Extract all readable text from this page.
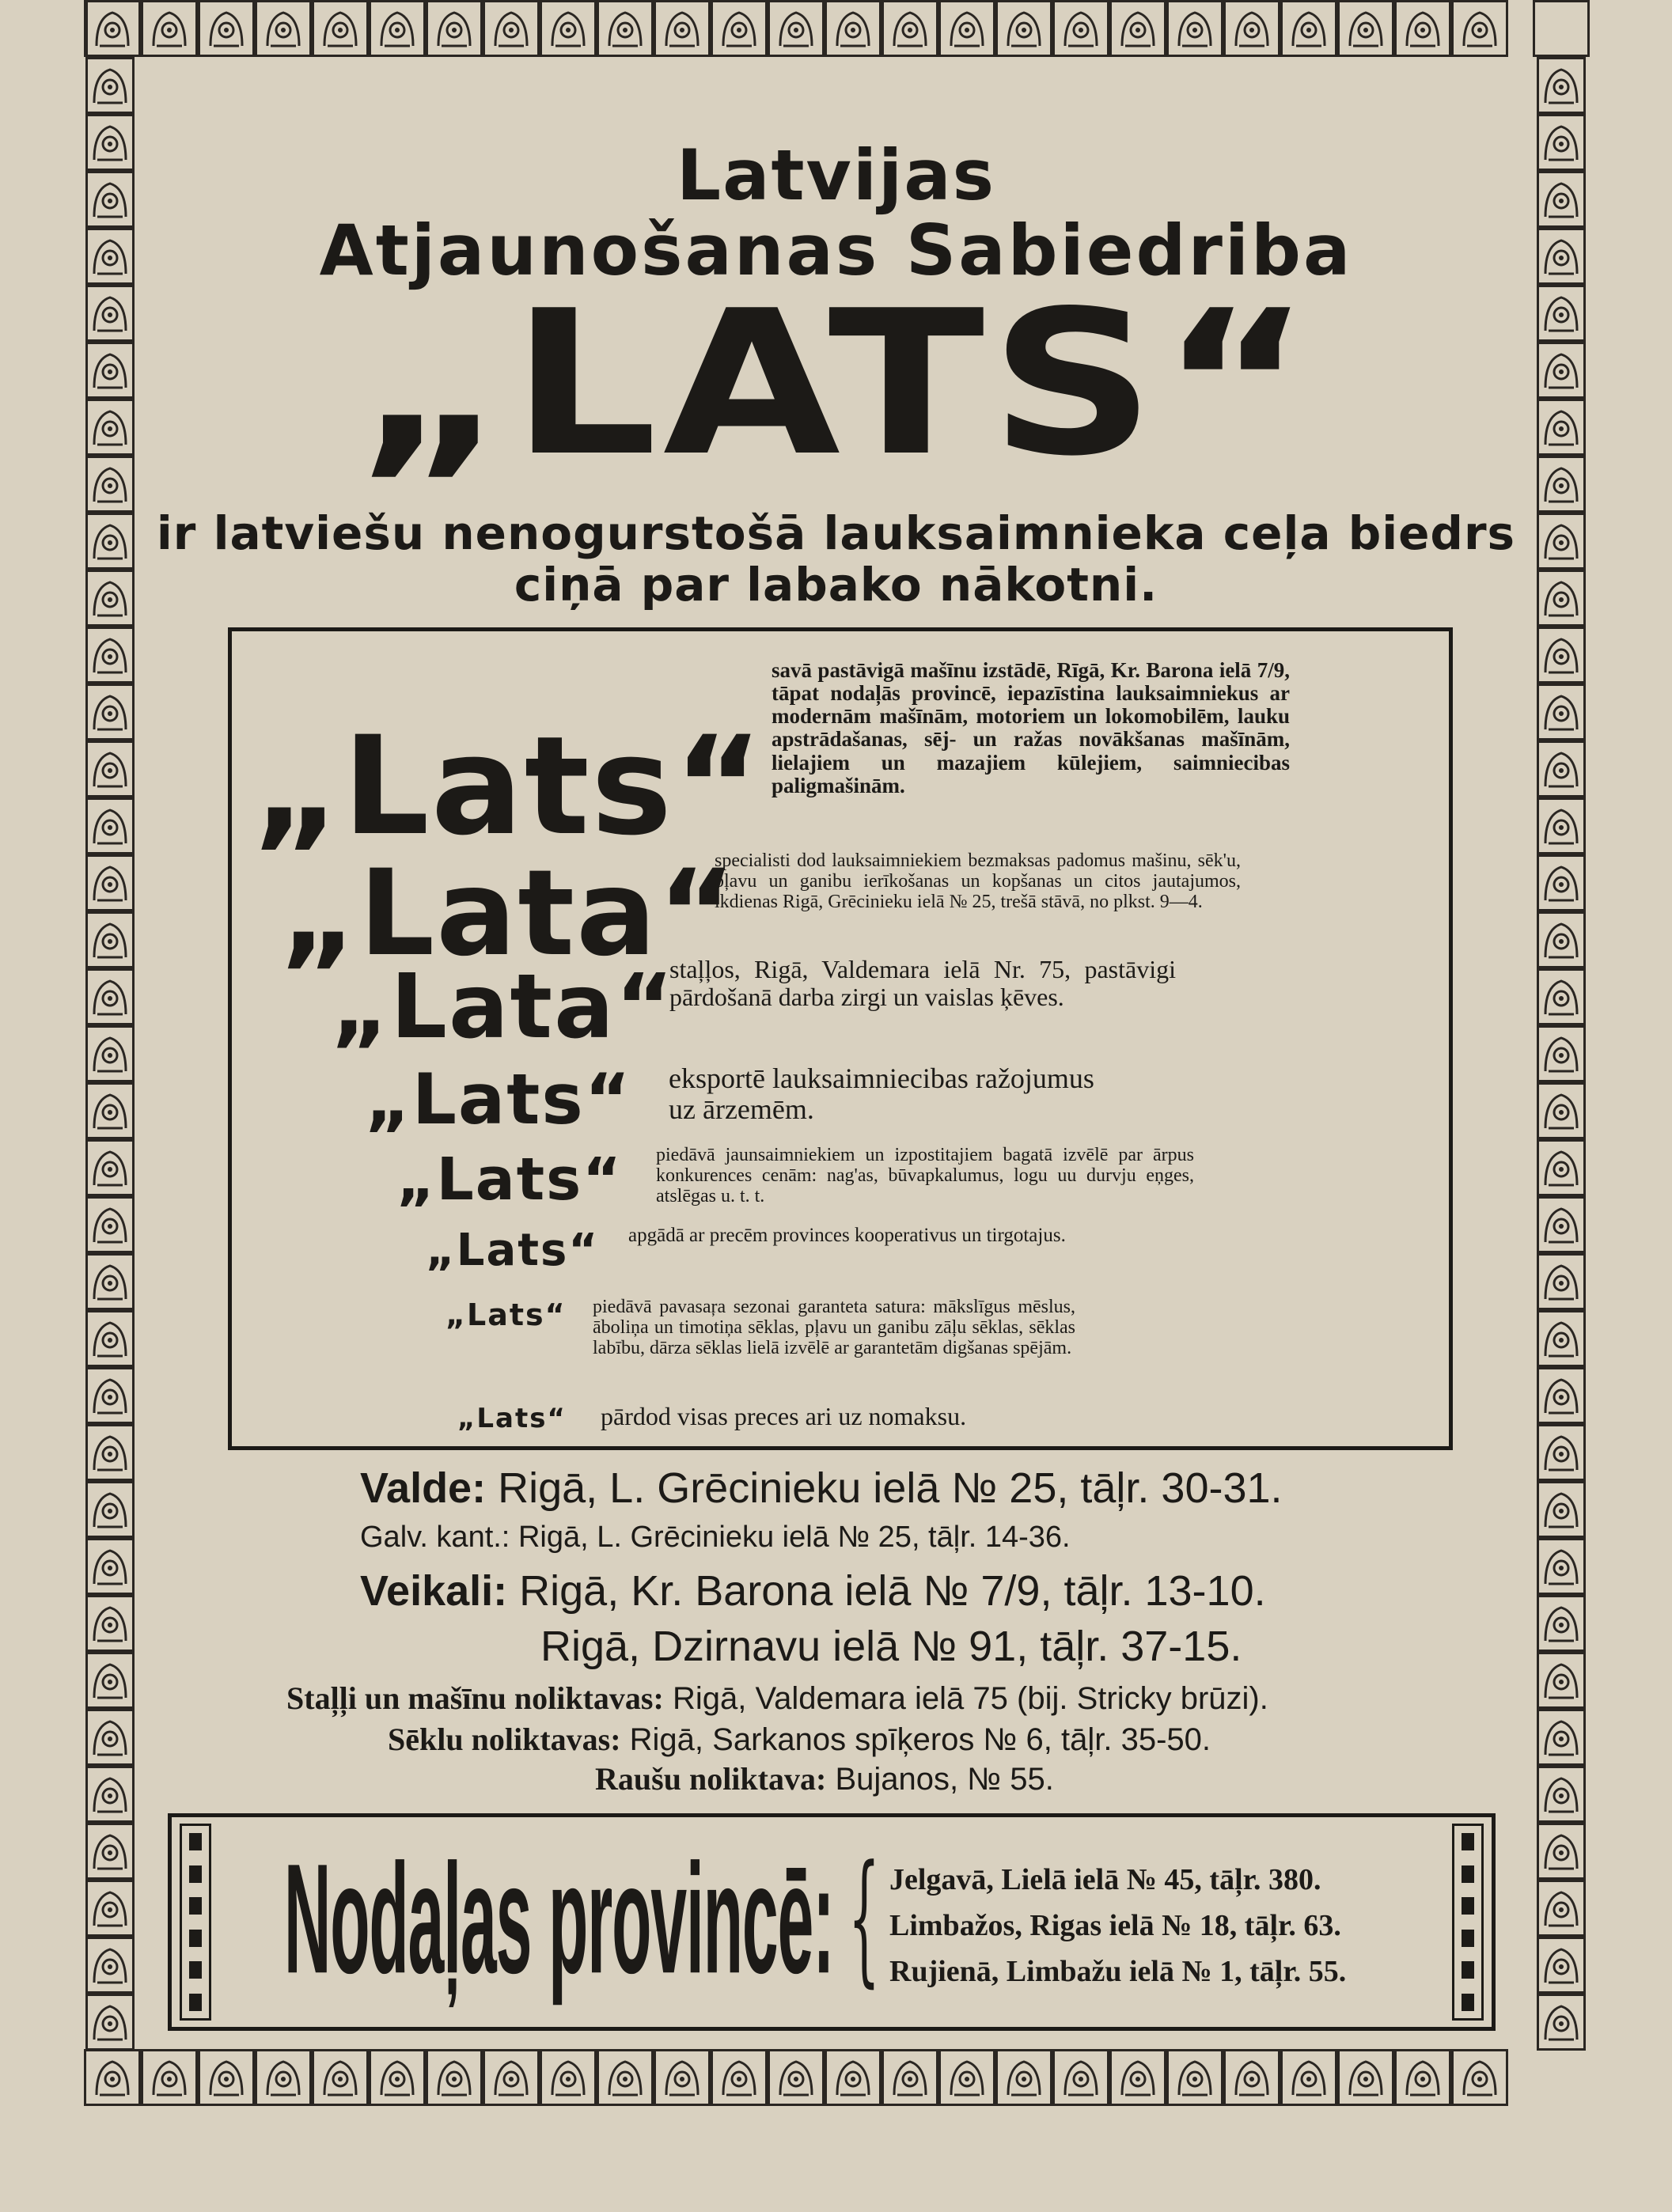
Latvijas
Atjaunošanas Sabiedriba
„LATS“
ir latviešu nenogurstošā lauksaimnieka ceļa biedrs
ciņā par labako nākotni.
„Lats“
savā pastāvigā mašīnu izstādē, Rīgā, Kr. Barona ielā 7/9, tāpat nodaļās provincē, iepazīstina lauksaimniekus ar modernām mašīnām, motoriem un lokomobilēm, lauku apstrādašanas, sēj- un ražas novākšanas mašīnām, lielajiem un mazajiem kūlejiem, saimniecibas paligmašinām.
„Lata“
specialisti dod lauksaimniekiem bezmaksas padomus mašinu, sēk'u, pļavu un ganibu ierīkošanas un kopšanas un citos jautajumos, ikdienas Rigā, Grēcinieku ielā № 25, trešā stāvā, no plkst. 9—4.
„Lata“
staļļos, Rigā, Valdemara ielā Nr. 75, pastāvigi pārdošanā darba zirgi un vaislas ķēves.
„Lats“	eksportē lauksaimniecibas ražojumus uz ārzemēm.
„Lats“	piedāvā jaunsaimniekiem un izpostitajiem bagatā izvēlē par ārpus konkurences cenām: nag'as, būvapkalumus, logu uu durvju eņges, atslēgas u. t. t.
„Lats“	apgādā ar precēm provinces kooperativus un tirgotajus.
„Lats“	piedāvā pavasaŗa sezonai garanteta satura: mākslīgus mēslus, āboliņa un timotiņa sēklas, pļavu un ganibu zāļu sēklas, sēklas labību, dārza sēklas lielā izvēlē ar garantetām digšanas spējām.
„Lats“	pārdod visas preces ari uz nomaksu.
Valde: Rigā, L. Grēcinieku ielā № 25, tāļr. 30-31.
Galv. kant.: Rigā, L. Grēcinieku ielā № 25, tāļr. 14-36.
Veikali: Rigā, Kr. Barona ielā № 7/9, tāļr. 13-10.
Rigā, Dzirnavu ielā № 91, tāļr. 37-15.
Staļļi un mašīnu noliktavas: Rigā, Valdemara ielā 75 (bij. Stricky brūzi).
Sēklu noliktavas: Rigā, Sarkanos spīķeros № 6, tāļr. 35-50.
Raušu noliktava: Bujanos, № 55.
Nodaļas provincē: { Jelgavā, Lielā ielā № 45, tāļr. 380.
Limbažos, Rigas ielā № 18, tāļr. 63.
Rujienā, Limbažu ielā № 1, tāļr. 55.
